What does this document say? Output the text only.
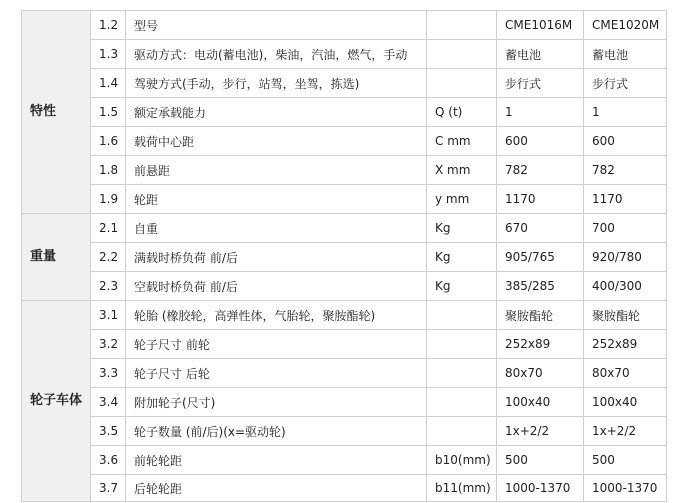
特性	1.2	型号		CME1016M	CME1020M
	1.3	驱动方式：电动(蓄电池)，柴油，汽油，燃气，手动		蓄电池	蓄电池
	1.4	驾驶方式(手动，步行，站驾，坐驾，拣选)		步行式	步行式
	1.5	额定承载能力	Q (t)	1	1
	1.6	载荷中心距	C mm	600	600
	1.8	前悬距	X mm	782	782
	1.9	轮距	y mm	1170	1170
重量	2.1	自重	Kg	670	700
	2.2	满载时桥负荷 前/后	Kg	905/765	920/780
	2.3	空载时桥负荷 前/后	Kg	385/285	400/300
轮子车体	3.1	轮胎 (橡胶轮，高弹性体，气胎轮，聚胺酯轮)		聚胺酯轮	聚胺酯轮
	3.2	轮子尺寸 前轮		252x89	252x89
	3.3	轮子尺寸 后轮		80x70	80x70
	3.4	附加轮子(尺寸)		100x40	100x40
	3.5	轮子数量 (前/后)(x=驱动轮)		1x+2/2	1x+2/2
	3.6	前轮轮距	b10(mm)	500	500
	3.7	后轮轮距	b11(mm)	1000-1370	1000-1370
